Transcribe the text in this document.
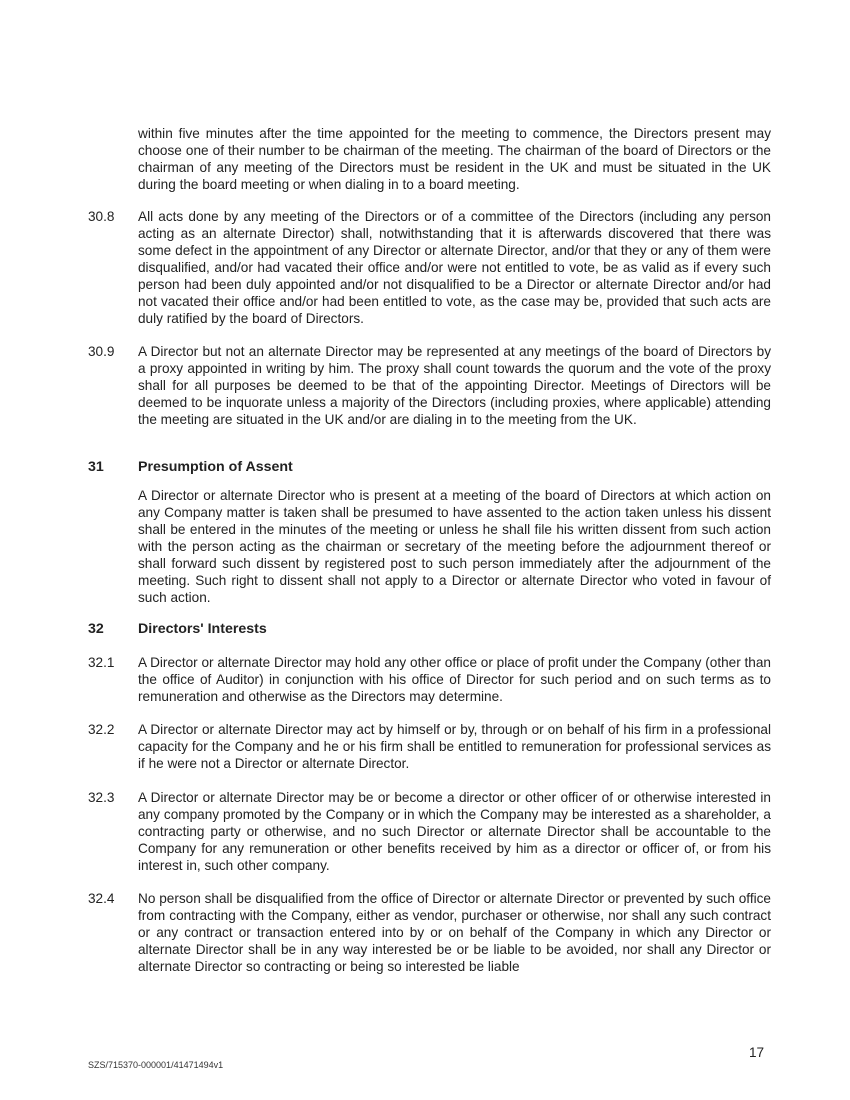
within five minutes after the time appointed for the meeting to commence, the Directors present may choose one of their number to be chairman of the meeting. The chairman of the board of Directors or the chairman of any meeting of the Directors must be resident in the UK and must be situated in the UK during the board meeting or when dialing in to a board meeting.
30.8 All acts done by any meeting of the Directors or of a committee of the Directors (including any person acting as an alternate Director) shall, notwithstanding that it is afterwards discovered that there was some defect in the appointment of any Director or alternate Director, and/or that they or any of them were disqualified, and/or had vacated their office and/or were not entitled to vote, be as valid as if every such person had been duly appointed and/or not disqualified to be a Director or alternate Director and/or had not vacated their office and/or had been entitled to vote, as the case may be, provided that such acts are duly ratified by the board of Directors.
30.9 A Director but not an alternate Director may be represented at any meetings of the board of Directors by a proxy appointed in writing by him. The proxy shall count towards the quorum and the vote of the proxy shall for all purposes be deemed to be that of the appointing Director. Meetings of Directors will be deemed to be inquorate unless a majority of the Directors (including proxies, where applicable) attending the meeting are situated in the UK and/or are dialing in to the meeting from the UK.
31 Presumption of Assent
A Director or alternate Director who is present at a meeting of the board of Directors at which action on any Company matter is taken shall be presumed to have assented to the action taken unless his dissent shall be entered in the minutes of the meeting or unless he shall file his written dissent from such action with the person acting as the chairman or secretary of the meeting before the adjournment thereof or shall forward such dissent by registered post to such person immediately after the adjournment of the meeting. Such right to dissent shall not apply to a Director or alternate Director who voted in favour of such action.
32 Directors' Interests
32.1 A Director or alternate Director may hold any other office or place of profit under the Company (other than the office of Auditor) in conjunction with his office of Director for such period and on such terms as to remuneration and otherwise as the Directors may determine.
32.2 A Director or alternate Director may act by himself or by, through or on behalf of his firm in a professional capacity for the Company and he or his firm shall be entitled to remuneration for professional services as if he were not a Director or alternate Director.
32.3 A Director or alternate Director may be or become a director or other officer of or otherwise interested in any company promoted by the Company or in which the Company may be interested as a shareholder, a contracting party or otherwise, and no such Director or alternate Director shall be accountable to the Company for any remuneration or other benefits received by him as a director or officer of, or from his interest in, such other company.
32.4 No person shall be disqualified from the office of Director or alternate Director or prevented by such office from contracting with the Company, either as vendor, purchaser or otherwise, nor shall any such contract or any contract or transaction entered into by or on behalf of the Company in which any Director or alternate Director shall be in any way interested be or be liable to be avoided, nor shall any Director or alternate Director so contracting or being so interested be liable
17
SZS/715370-000001/41471494v1
